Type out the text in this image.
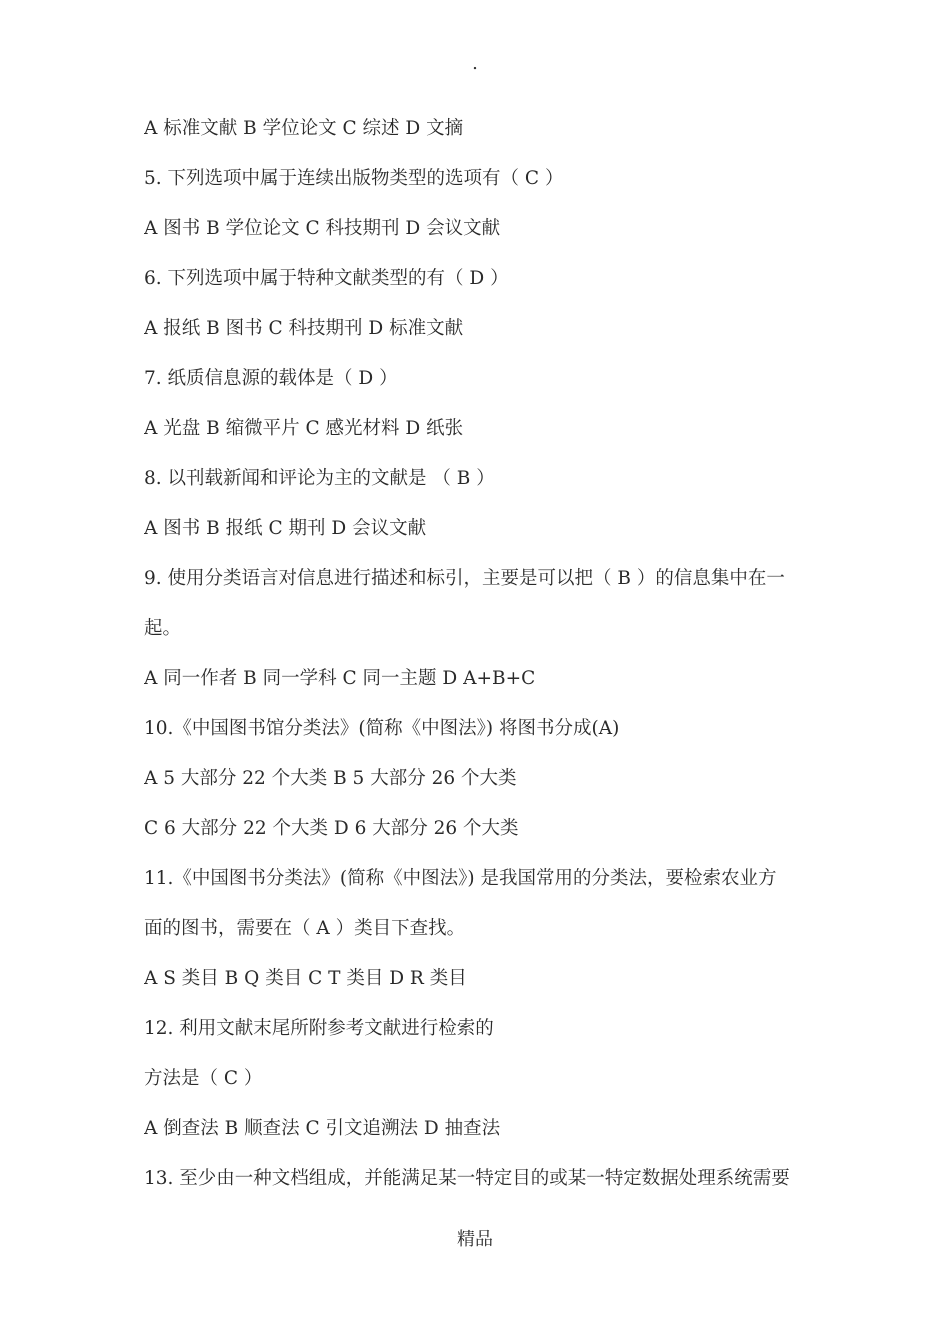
.
A 标准文献 B 学位论文 C 综述 D 文摘
5. 下列选项中属于连续出版物类型的选项有（ C ）
A 图书 B 学位论文 C 科技期刊 D 会议文献
6. 下列选项中属于特种文献类型的有（ D ）
A 报纸 B 图书 C 科技期刊 D 标准文献
7. 纸质信息源的载体是（ D ）
A 光盘 B 缩微平片 C 感光材料 D 纸张
8. 以刊载新闻和评论为主的文献是 （ B ）
A 图书 B 报纸 C 期刊 D 会议文献
9. 使用分类语言对信息进行描述和标引，主要是可以把（ B ）的信息集中在一
起。
A 同一作者 B 同一学科 C 同一主题 D A+B+C
10.《中国图书馆分类法》(简称《中图法》) 将图书分成(A)
A 5 大部分 22 个大类 B 5 大部分 26 个大类
C 6 大部分 22 个大类 D 6 大部分 26 个大类
11.《中国图书分类法》(简称《中图法》) 是我国常用的分类法，要检索农业方
面的图书，需要在（ A ）类目下查找。
A S 类目 B Q 类目 C T 类目 D R 类目
12. 利用文献末尾所附参考文献进行检索的
方法是（ C ）
A 倒查法 B 顺查法 C 引文追溯法 D 抽查法
13. 至少由一种文档组成，并能满足某一特定目的或某一特定数据处理系统需要
精品
